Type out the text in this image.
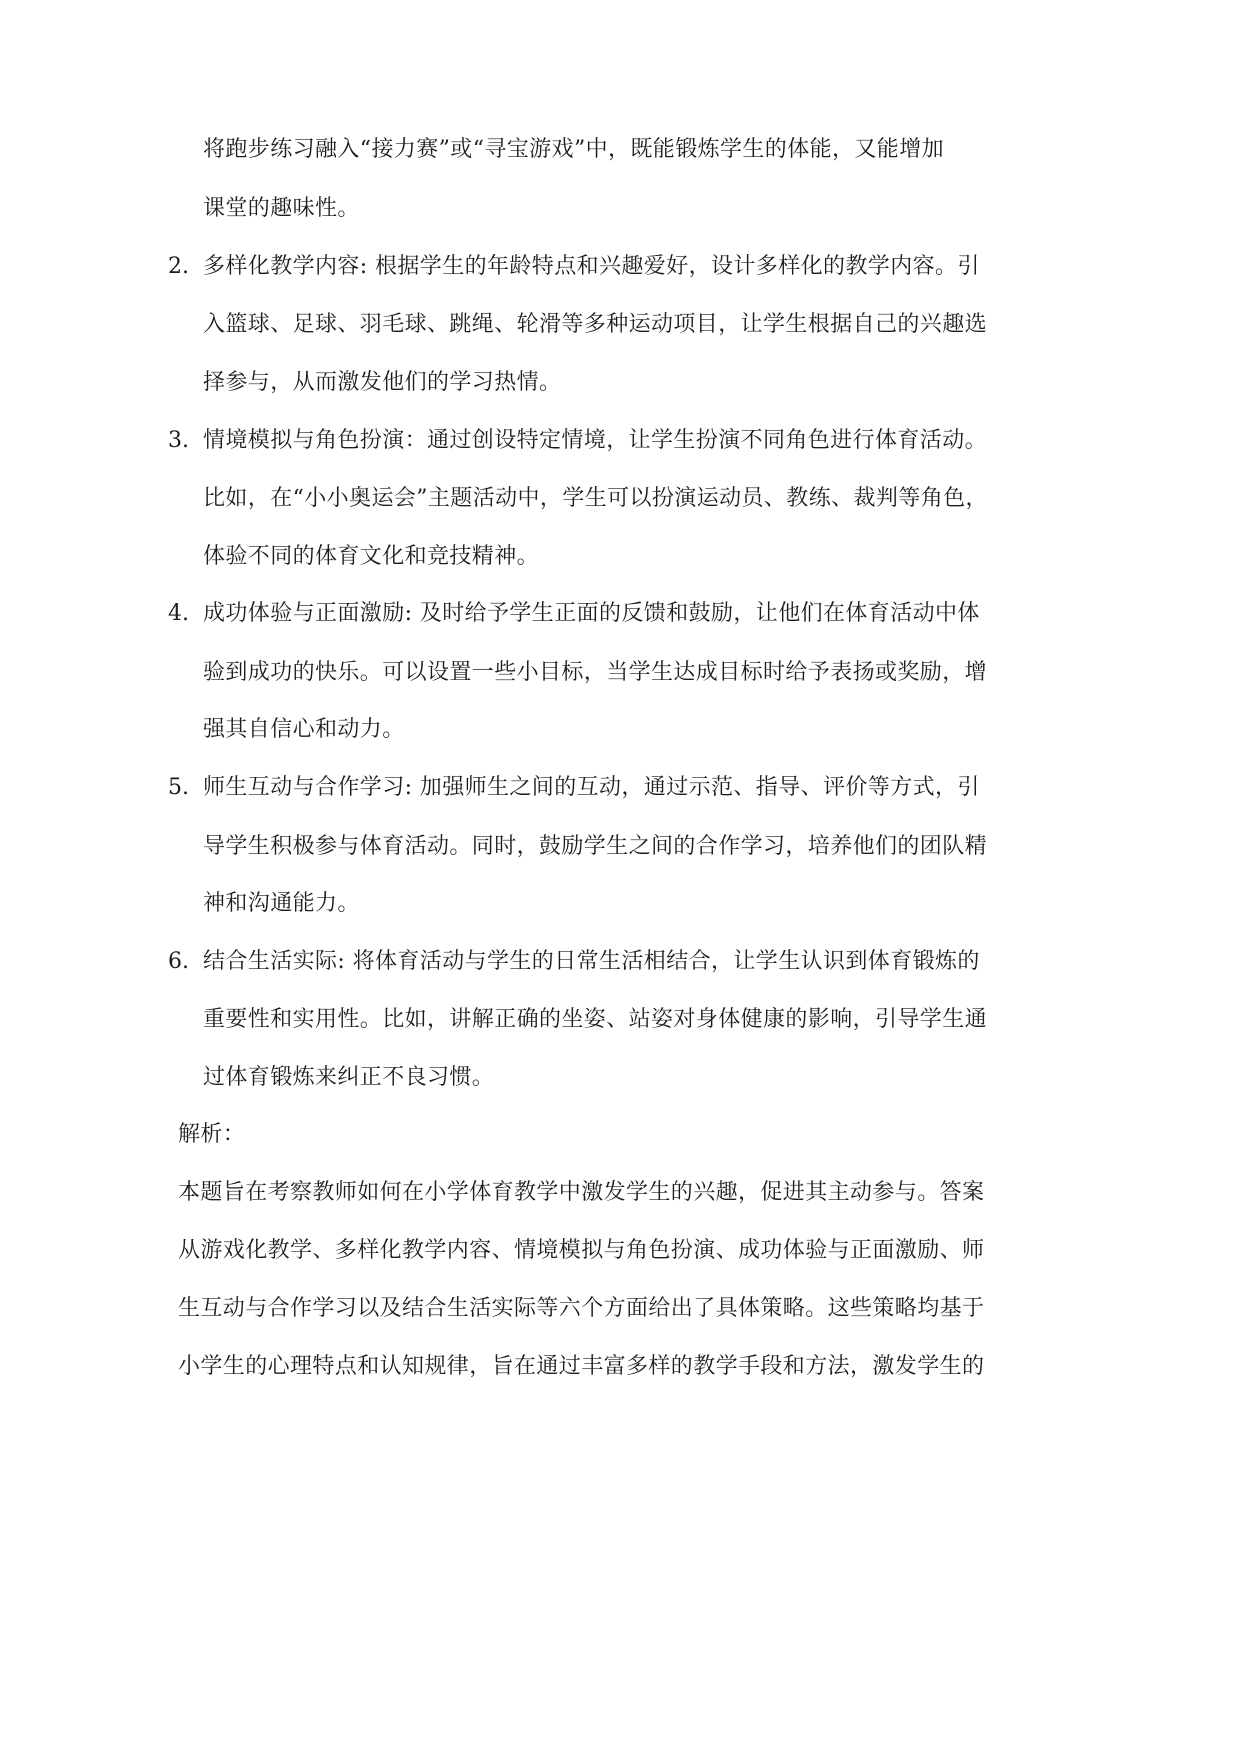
将跑步练习融入“接力赛”或“寻宝游戏”中，既能锻炼学生的体能，又能增加
课堂的趣味性。
2. 多样化教学内容: 根据学生的年龄特点和兴趣爱好，设计多样化的教学内容。引
入篮球、足球、羽毛球、跳绳、轮滑等多种运动项目，让学生根据自己的兴趣选
择参与，从而激发他们的学习热情。
3. 情境模拟与角色扮演：通过创设特定情境，让学生扮演不同角色进行体育活动。
比如，在“小小奥运会”主题活动中，学生可以扮演运动员、教练、裁判等角色，
体验不同的体育文化和竞技精神。
4. 成功体验与正面激励: 及时给予学生正面的反馈和鼓励，让他们在体育活动中体
验到成功的快乐。可以设置一些小目标，当学生达成目标时给予表扬或奖励，增
强其自信心和动力。
5. 师生互动与合作学习: 加强师生之间的互动，通过示范、指导、评价等方式，引
导学生积极参与体育活动。同时，鼓励学生之间的合作学习，培养他们的团队精
神和沟通能力。
6. 结合生活实际: 将体育活动与学生的日常生活相结合，让学生认识到体育锻炼的
重要性和实用性。比如，讲解正确的坐姿、站姿对身体健康的影响，引导学生通
过体育锻炼来纠正不良习惯。
解析：
本题旨在考察教师如何在小学体育教学中激发学生的兴趣，促进其主动参与。答案
从游戏化教学、多样化教学内容、情境模拟与角色扮演、成功体验与正面激励、师
生互动与合作学习以及结合生活实际等六个方面给出了具体策略。这些策略均基于
小学生的心理特点和认知规律，旨在通过丰富多样的教学手段和方法，激发学生的
